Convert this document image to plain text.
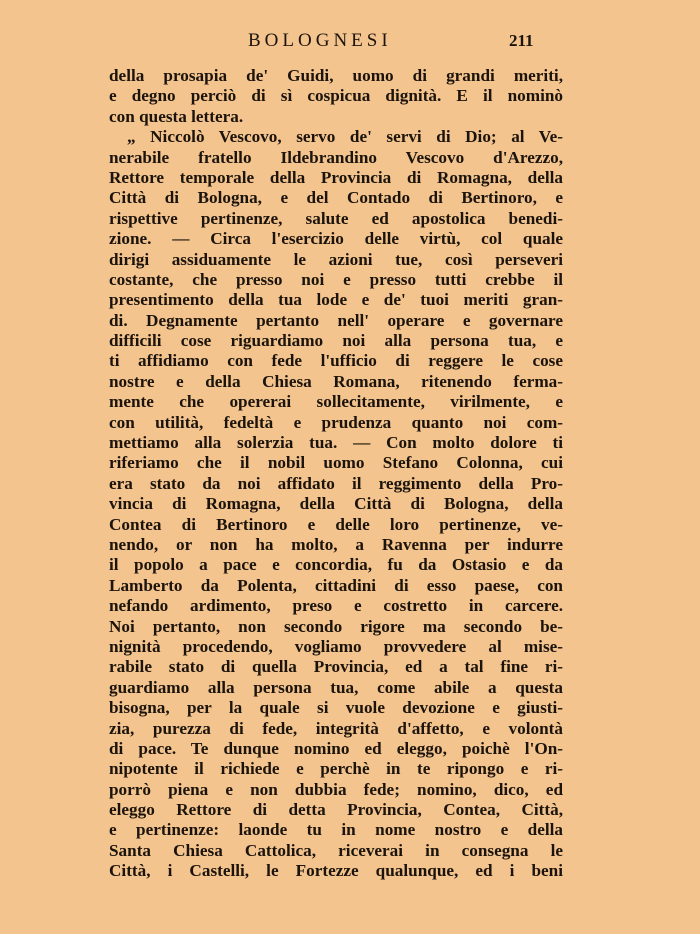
BOLOGNESI	211
della prosapia de' Guidi, uomo di grandi meriti,
e degno perciò di sì cospicua dignità. E il nominò
con questa lettera.
„ Niccolò Vescovo, servo de' servi di Dio; al Ve-
nerabile fratello Ildebrandino Vescovo d'Arezzo,
Rettore temporale della Provincia di Romagna, della
Città di Bologna, e del Contado di Bertinoro, e
rispettive pertinenze, salute ed apostolica benedi-
zione. — Circa l'esercizio delle virtù, col quale
dirigi assiduamente le azioni tue, così perseveri
costante, che presso noi e presso tutti crebbe il
presentimento della tua lode e de' tuoi meriti gran-
di. Degnamente pertanto nell' operare e governare
difficili cose riguardiamo noi alla persona tua, e
ti affidiamo con fede l'ufficio di reggere le cose
nostre e della Chiesa Romana, ritenendo ferma-
mente che opererai sollecitamente, virilmente, e
con utilità, fedeltà e prudenza quanto noi com-
mettiamo alla solerzia tua. — Con molto dolore ti
riferiamo che il nobil uomo Stefano Colonna, cui
era stato da noi affidato il reggimento della Pro-
vincia di Romagna, della Città di Bologna, della
Contea di Bertinoro e delle loro pertinenze, ve-
nendo, or non ha molto, a Ravenna per indurre
il popolo a pace e concordia, fu da Ostasio e da
Lamberto da Polenta, cittadini di esso paese, con
nefando ardimento, preso e costretto in carcere.
Noi pertanto, non secondo rigore ma secondo be-
nignità procedendo, vogliamo provvedere al mise-
rabile stato di quella Provincia, ed a tal fine ri-
guardiamo alla persona tua, come abile a questa
bisogna, per la quale si vuole devozione e giusti-
zia, purezza di fede, integrità d'affetto, e volontà
di pace. Te dunque nomino ed eleggo, poichè l'On-
nipotente il richiede e perchè in te ripongo e ri-
porrò piena e non dubbia fede; nomino, dico, ed
eleggo Rettore di detta Provincia, Contea, Città,
e pertinenze: laonde tu in nome nostro e della
Santa Chiesa Cattolica, riceverai in consegna le
Città, i Castelli, le Fortezze qualunque, ed i beni
